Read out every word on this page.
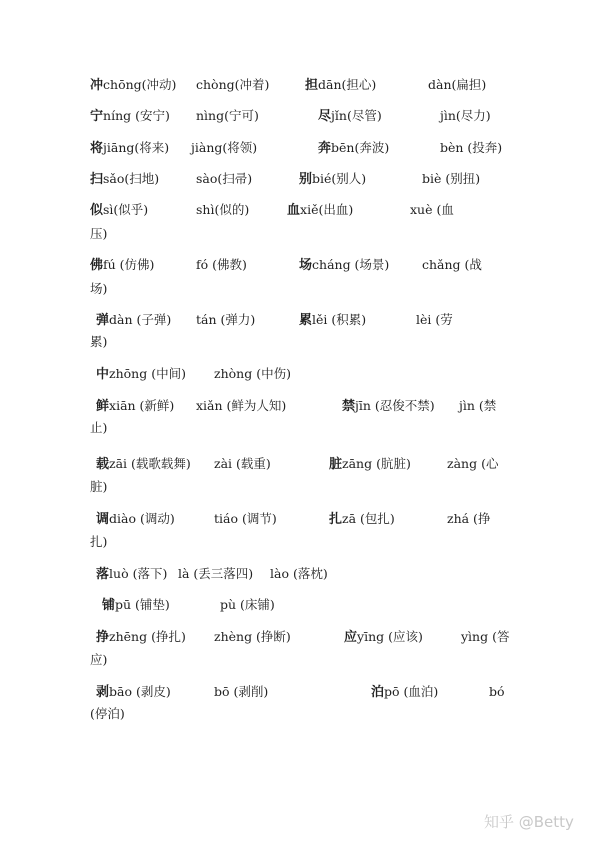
冲chōng(冲动) chòng(冲着)	担dān(担心)	dàn(扁担)
宁níng (安宁) nìng(宁可)	尽jǐn(尽管)	jìn(尽力)
将jiāng(将来) jiàng(将领)	奔bēn(奔波)	bèn (投奔)
扫sǎo(扫地)	sào(扫帚)	别bié(别人)	biè (别扭)
似sì(似乎)	shì(似的)	血xiě(出血)	xuè (血
压)
佛fú (仿佛)	fó (佛教)	场cháng (场景)	chǎng (战
场)
弹dàn (子弹) tán (弹力)	累lěi (积累)	lèi (劳
累)
中zhōng (中间) zhòng (中伤)
鲜xiān (新鲜) xiǎn (鲜为人知)	禁jīn (忍俊不禁) jìn (禁
止)
载zāi (载歌载舞) zài (载重)	脏zāng (肮脏)	zàng (心
脏)
调diào (调动)	tiáo (调节)	扎zā (包扎)	zhá (挣
扎)
落luò (落下) là (丢三落四) lào (落枕)
铺pū (铺垫)	pù (床铺)
挣zhēng (挣扎) zhèng (挣断)	应yīng (应该)	yìng (答
应)
剥bāo (剥皮)	bō (剥削)	泊pō (血泊)	bó
(停泊)
知乎 @Betty
